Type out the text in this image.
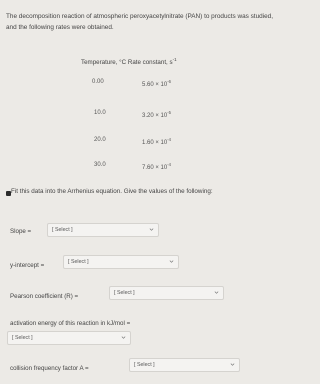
The decomposition reaction of atmospheric peroxyacetylnitrate (PAN) to products was studied, and the following rates were obtained.
Temperature, °C Rate constant, $s^{-1}$
0.00	$5.60 \times 10^{-6}$
10.0	$3.20 \times 10^{-5}$
20.0	$1.60 \times 10^{-4}$
30.0	$7.60 \times 10^{-4}$
Fit this data into the Arrhenius equation. Give the values of the following:
Slope =	[ Select ]
y-intercept =	[ Select ]
Pearson coefficient (R) =	[ Select ]
activation energy of this reaction in kJ/mol =
[ Select ]
collision frequency factor A =	[ Select ]
